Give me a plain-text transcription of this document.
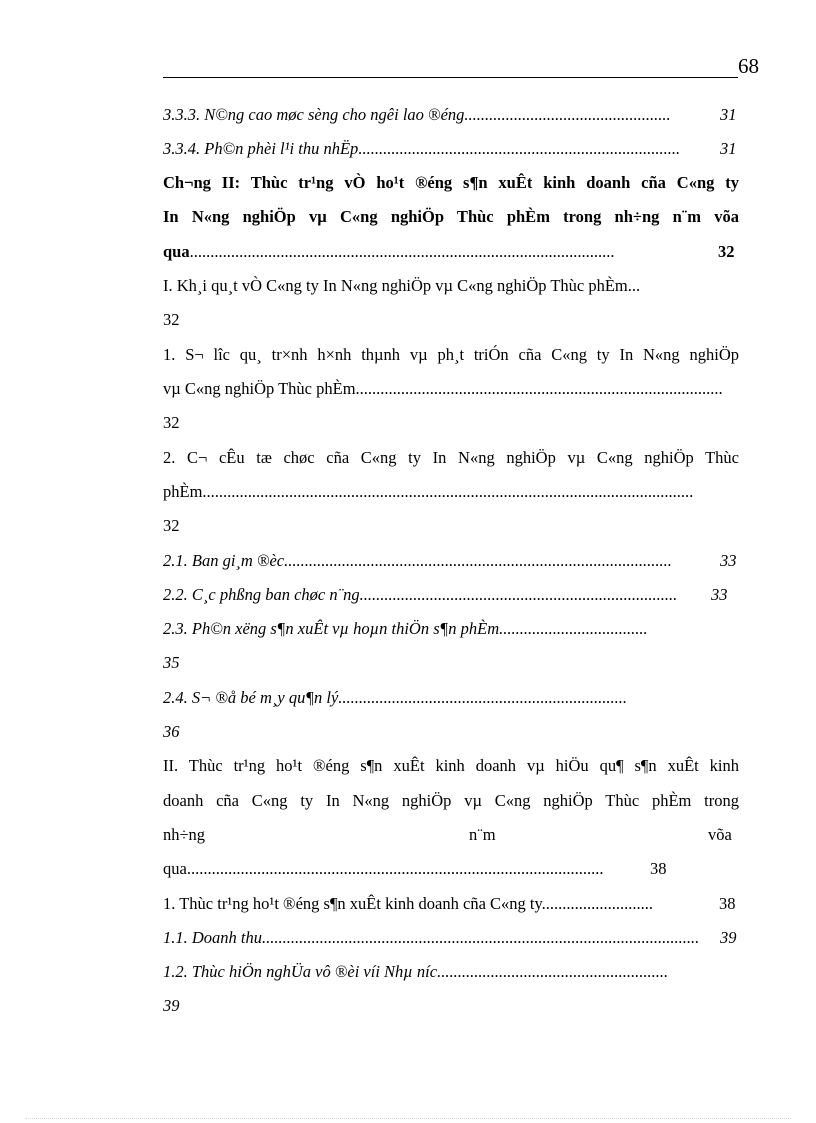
68
3.3.3. N©ng cao møc sèng cho ngêi lao ®éng..................................................	31
3.3.4. Ph©n phèi l¹i thu nhËp.............................................................................. 31
Ch¬ng II: Thùc tr¹ng vÒ ho¹t ®éng s¶n xuÊt kinh doanh cña C«ng ty
In N«ng nghiÖp vµ C«ng nghiÖp Thùc phÈm trong nh÷ng n¨m võa
qua.......................................................................................................	32
I. Kh¸i qu¸t vÒ C«ng ty In N«ng nghiÖp vµ C«ng nghiÖp Thùc phÈm...
32
1. S¬ lîc qu¸ tr×nh h×nh thµnh vµ ph¸t triÓn cña C«ng ty In N«ng nghiÖp
vµ C«ng nghiÖp Thùc phÈm.........................................................................................
32
2. C¬ cÊu tæ chøc cña C«ng ty In N«ng nghiÖp vµ C«ng nghiÖp Thùc
phÈm.......................................................................................................................
32
2.1. Ban gi¸m ®èc..............................................................................................	33
2.2. C¸c phßng ban chøc n¨ng............................................................................. 33
2.3. Ph©n xëng s¶n xuÊt vµ hoµn thiÖn s¶n phÈm....................................
35
2.4. S¬ ®å bé m¸y qu¶n lý......................................................................
36
II. Thùc tr¹ng ho¹t ®éng s¶n xuÊt kinh doanh vµ hiÖu qu¶ s¶n xuÊt kinh
doanh cña C«ng ty In N«ng nghiÖp vµ C«ng nghiÖp Thùc phÈm trong
nh÷ng	n¨m	võa
qua.....................................................................................................	38
1. Thùc tr¹ng ho¹t ®éng s¶n xuÊt kinh doanh cña C«ng ty...........................	38
1.1. Doanh thu.......................................................................................................... 39
1.2. Thùc hiÖn nghÜa vô ®èi víi Nhµ níc........................................................
39
